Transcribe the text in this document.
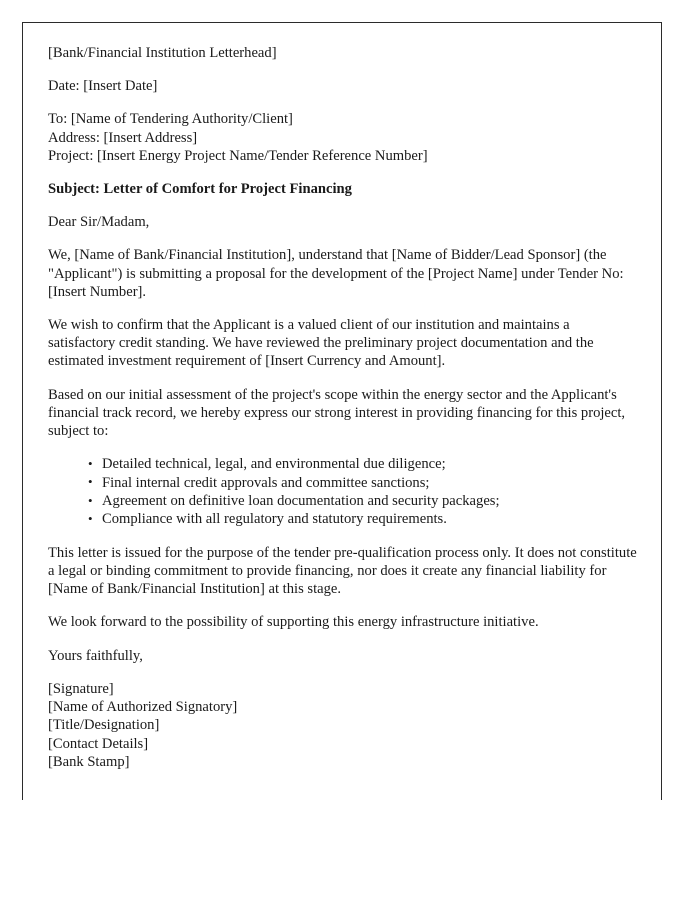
[Bank/Financial Institution Letterhead]

Date: [Insert Date]

To: [Name of Tendering Authority/Client]
Address: [Insert Address]
Project: [Insert Energy Project Name/Tender Reference Number]

Subject: Letter of Comfort for Project Financing

Dear Sir/Madam,

We, [Name of Bank/Financial Institution], understand that [Name of Bidder/Lead Sponsor] (the "Applicant") is submitting a proposal for the development of the [Project Name] under Tender No: [Insert Number].

We wish to confirm that the Applicant is a valued client of our institution and maintains a satisfactory credit standing. We have reviewed the preliminary project documentation and the estimated investment requirement of [Insert Currency and Amount].

Based on our initial assessment of the project's scope within the energy sector and the Applicant's financial track record, we hereby express our strong interest in providing financing for this project, subject to:

• Detailed technical, legal, and environmental due diligence;
• Final internal credit approvals and committee sanctions;
• Agreement on definitive loan documentation and security packages;
• Compliance with all regulatory and statutory requirements.

This letter is issued for the purpose of the tender pre-qualification process only. It does not constitute a legal or binding commitment to provide financing, nor does it create any financial liability for [Name of Bank/Financial Institution] at this stage.

We look forward to the possibility of supporting this energy infrastructure initiative.

Yours faithfully,

[Signature]
[Name of Authorized Signatory]
[Title/Designation]
[Contact Details]
[Bank Stamp]
